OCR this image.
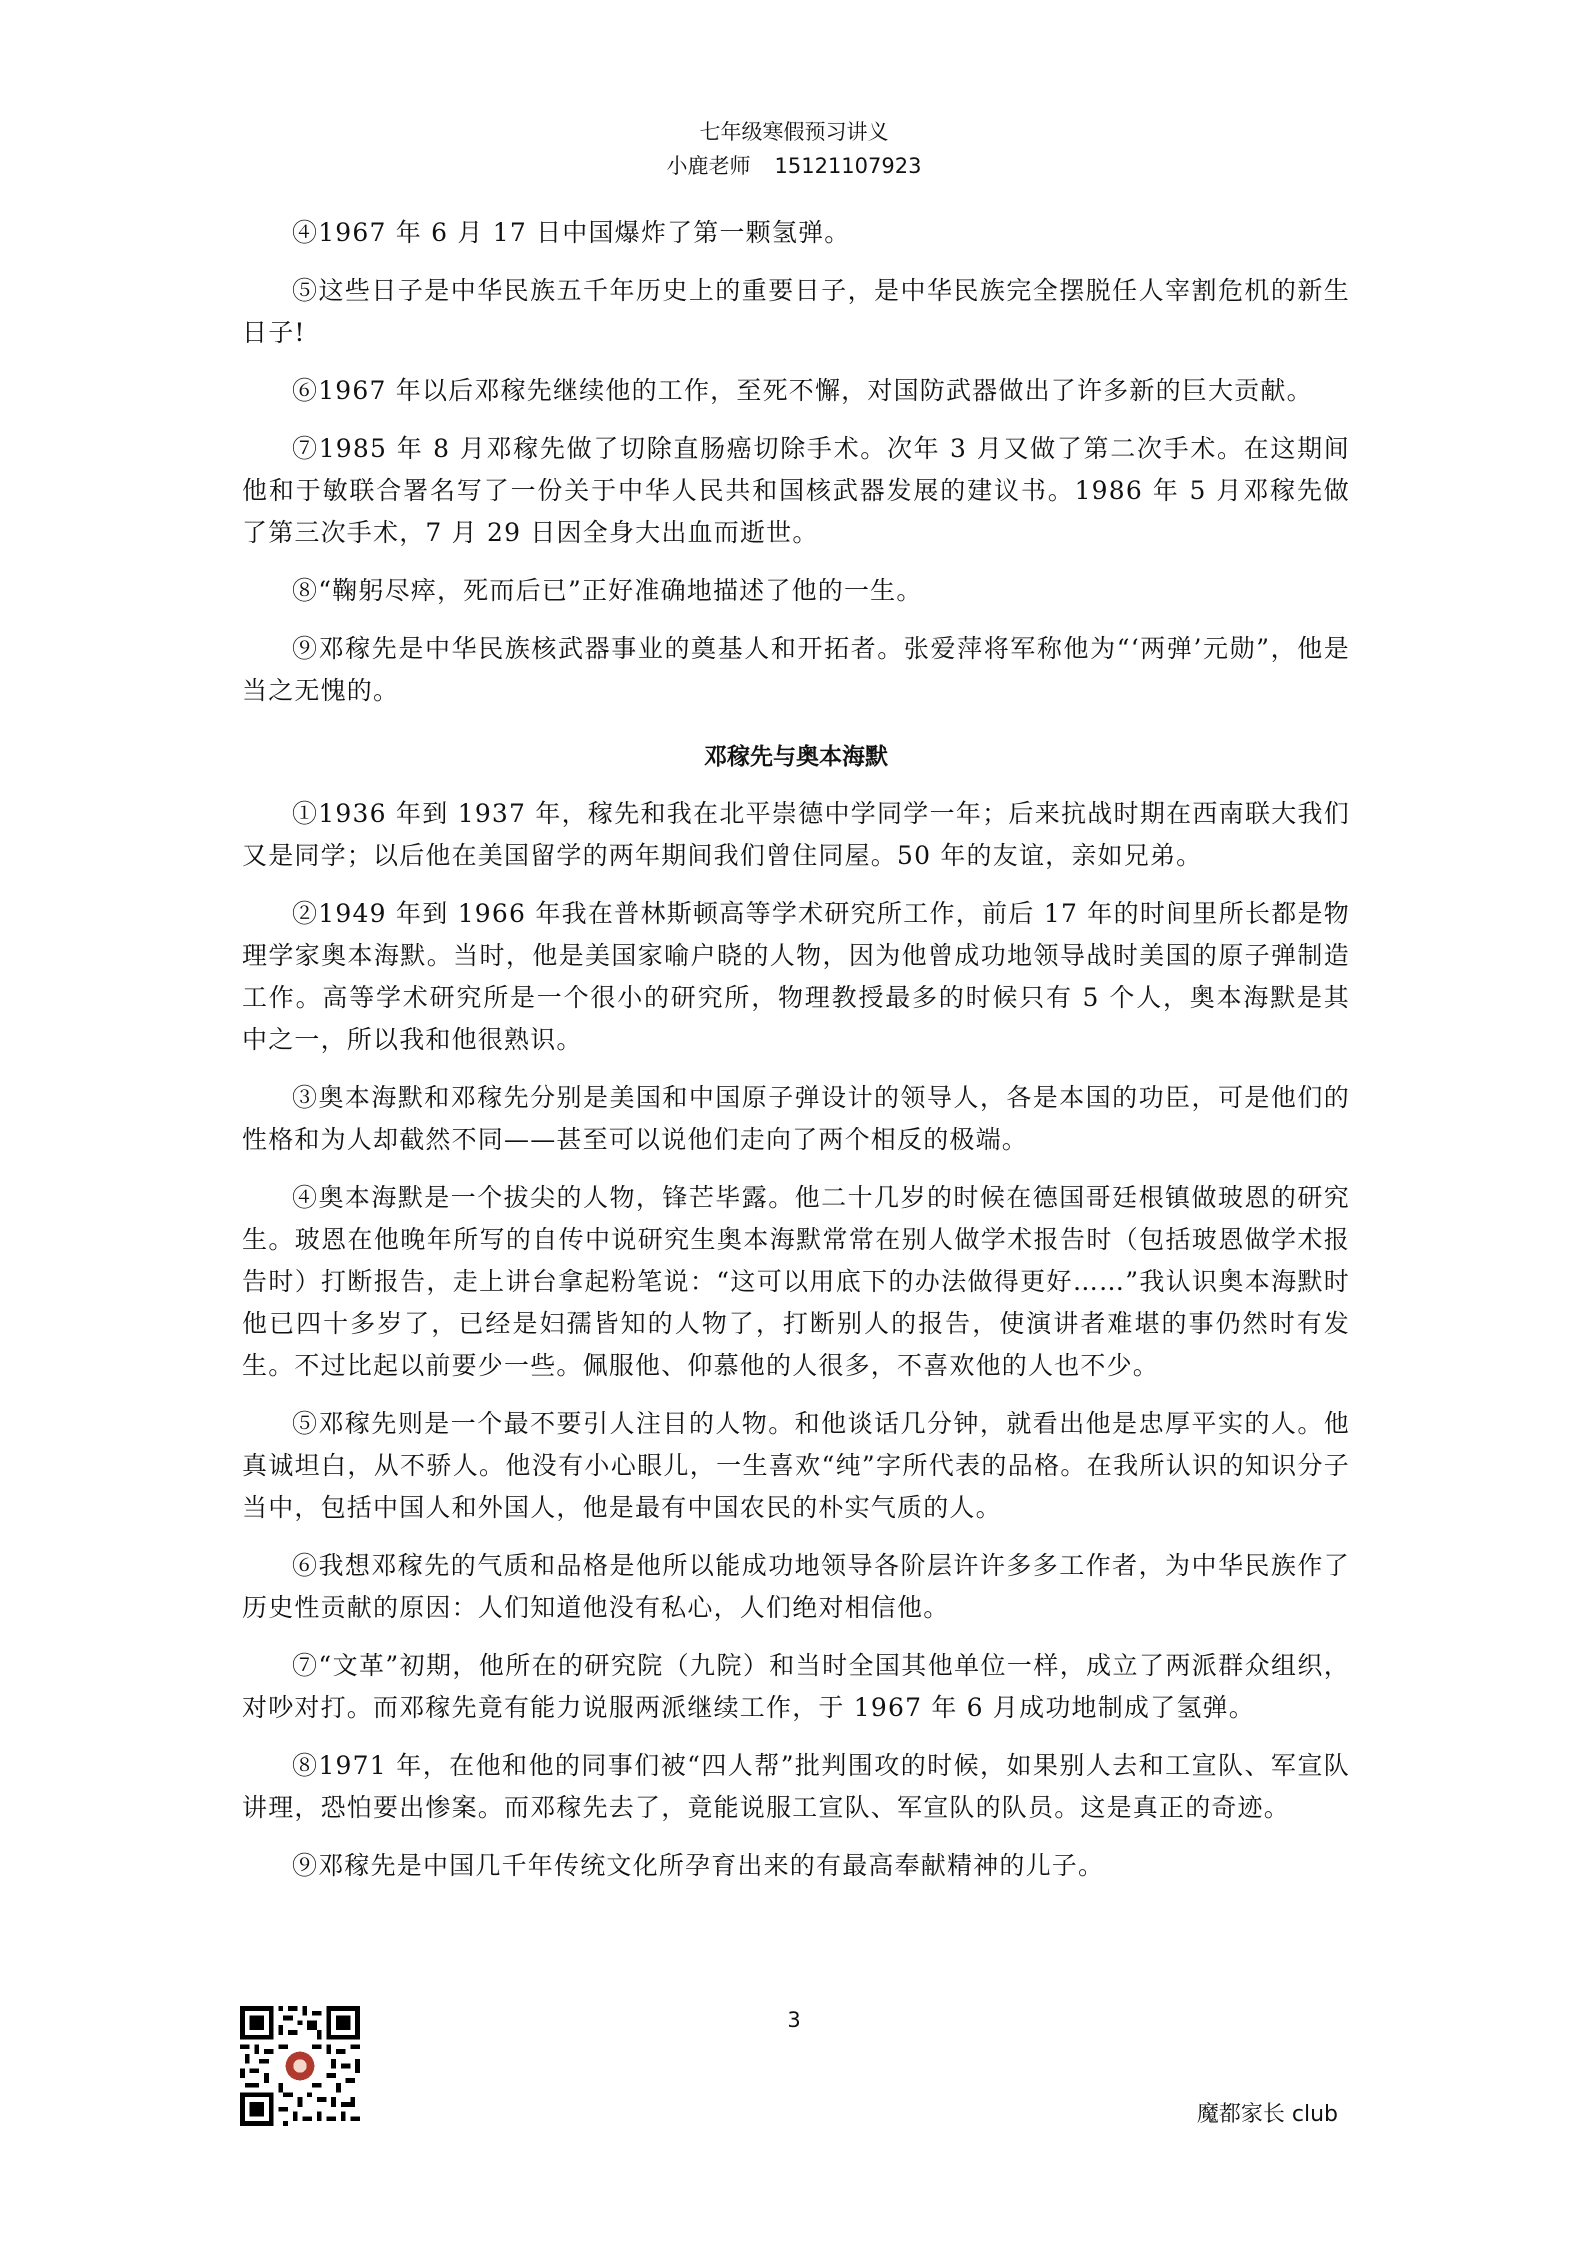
七年级寒假预习讲义
小鹿老师 15121107923

④1967 年 6 月 17 日中国爆炸了第一颗氢弹。

⑤这些日子是中华民族五千年历史上的重要日子，是中华民族完全摆脱任人宰割危机的新生日子!

⑥1967 年以后邓稼先继续他的工作，至死不懈，对国防武器做出了许多新的巨大贡献。

⑦1985 年 8 月邓稼先做了切除直肠癌切除手术。次年 3 月又做了第二次手术。在这期间他和于敏联合署名写了一份关于中华人民共和国核武器发展的建议书。1986 年 5 月邓稼先做了第三次手术，7 月 29 日因全身大出血而逝世。

⑧“鞠躬尽瘁，死而后已”正好准确地描述了他的一生。

⑨邓稼先是中华民族核武器事业的奠基人和开拓者。张爱萍将军称他为“‘两弹’元勋”，他是当之无愧的。

邓稼先与奥本海默

①1936 年到 1937 年，稼先和我在北平崇德中学同学一年；后来抗战时期在西南联大我们又是同学；以后他在美国留学的两年期间我们曾住同屋。50 年的友谊，亲如兄弟。

②1949 年到 1966 年我在普林斯顿高等学术研究所工作，前后 17 年的时间里所长都是物理学家奥本海默。当时，他是美国家喻户晓的人物，因为他曾成功地领导战时美国的原子弹制造工作。高等学术研究所是一个很小的研究所，物理教授最多的时候只有 5 个人，奥本海默是其中之一，所以我和他很熟识。

③奥本海默和邓稼先分别是美国和中国原子弹设计的领导人，各是本国的功臣，可是他们的性格和为人却截然不同——甚至可以说他们走向了两个相反的极端。

④奥本海默是一个拔尖的人物，锋芒毕露。他二十几岁的时候在德国哥廷根镇做玻恩的研究生。玻恩在他晚年所写的自传中说研究生奥本海默常常在别人做学术报告时（包括玻恩做学术报告时）打断报告，走上讲台拿起粉笔说：“这可以用底下的办法做得更好……”我认识奥本海默时他已四十多岁了，已经是妇孺皆知的人物了，打断别人的报告，使演讲者难堪的事仍然时有发生。不过比起以前要少一些。佩服他、仰慕他的人很多，不喜欢他的人也不少。

⑤邓稼先则是一个最不要引人注目的人物。和他谈话几分钟，就看出他是忠厚平实的人。他真诚坦白，从不骄人。他没有小心眼儿，一生喜欢“纯”字所代表的品格。在我所认识的知识分子当中，包括中国人和外国人，他是最有中国农民的朴实气质的人。

⑥我想邓稼先的气质和品格是他所以能成功地领导各阶层许许多多工作者，为中华民族作了历史性贡献的原因：人们知道他没有私心，人们绝对相信他。

⑦“文革”初期，他所在的研究院（九院）和当时全国其他单位一样，成立了两派群众组织，对吵对打。而邓稼先竟有能力说服两派继续工作，于 1967 年 6 月成功地制成了氢弹。

⑧1971 年，在他和他的同事们被“四人帮”批判围攻的时候，如果别人去和工宣队、军宣队讲理，恐怕要出惨案。而邓稼先去了，竟能说服工宣队、军宣队的队员。这是真正的奇迹。

⑨邓稼先是中国几千年传统文化所孕育出来的有最高奉献精神的儿子。

3
魔都家长 club
